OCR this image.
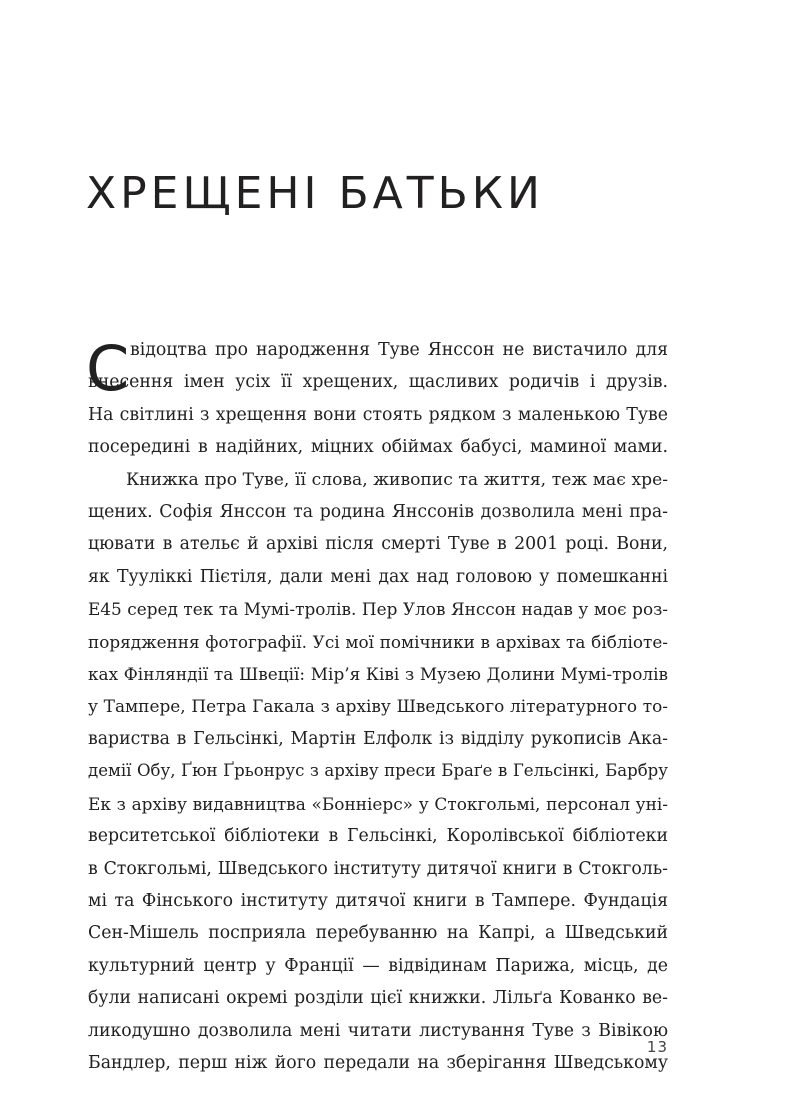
ХРЕЩЕНІ БАТЬКИ
С відоцтва про народження Туве Янссон не вистачило для
внесення імен усіх її хрещених, щасливих родичів і друзів.
На світлині з хрещення вони стоять рядком з маленькою Туве
посередині в надійних, міцних обіймах бабусі, маминої мами.
Книжка про Туве, її слова, живопис та життя, теж має хре-
щених. Софія Янссон та родина Янссонів дозволила мені пра-
цювати в ательє й архіві після смерті Туве в 2001 році. Вони,
як Тууліккі Пієтіля, дали мені дах над головою у помешканні
Е45 серед тек та Мумі-тролів. Пер Улов Янссон надав у моє роз-
порядження фотографії. Усі мої помічники в архівах та бібліоте-
ках Фінляндії та Швеції: Мір’я Ківі з Музею Долини Мумі-тролів
у Тампере, Петра Гакала з архіву Шведського літературного то-
вариства в Гельсінкі, Мартін Елфолк із відділу рукописів Ака-
демії Обу, Ґюн Ґрьонрус з архіву преси Браґе в Гельсінкі, Барбру
Ек з архіву видавництва «Бонніерс» у Стокгольмі, персонал уні-
верситетської бібліотеки в Гельсінкі, Королівської бібліотеки
в Стокгольмі, Шведського інституту дитячої книги в Стокголь-
мі та Фінського інституту дитячої книги в Тампере. Фундація
Сен-Мішель посприяла перебуванню на Капрі, а Шведський
культурний центр у Франції — відвідинам Парижа, місць, де
були написані окремі розділи цієї книжки. Лільґа Кованко ве-
ликодушно дозволила мені читати листування Туве з Вівікою
Бандлер, перш ніж його передали на зберігання Шведському
13
